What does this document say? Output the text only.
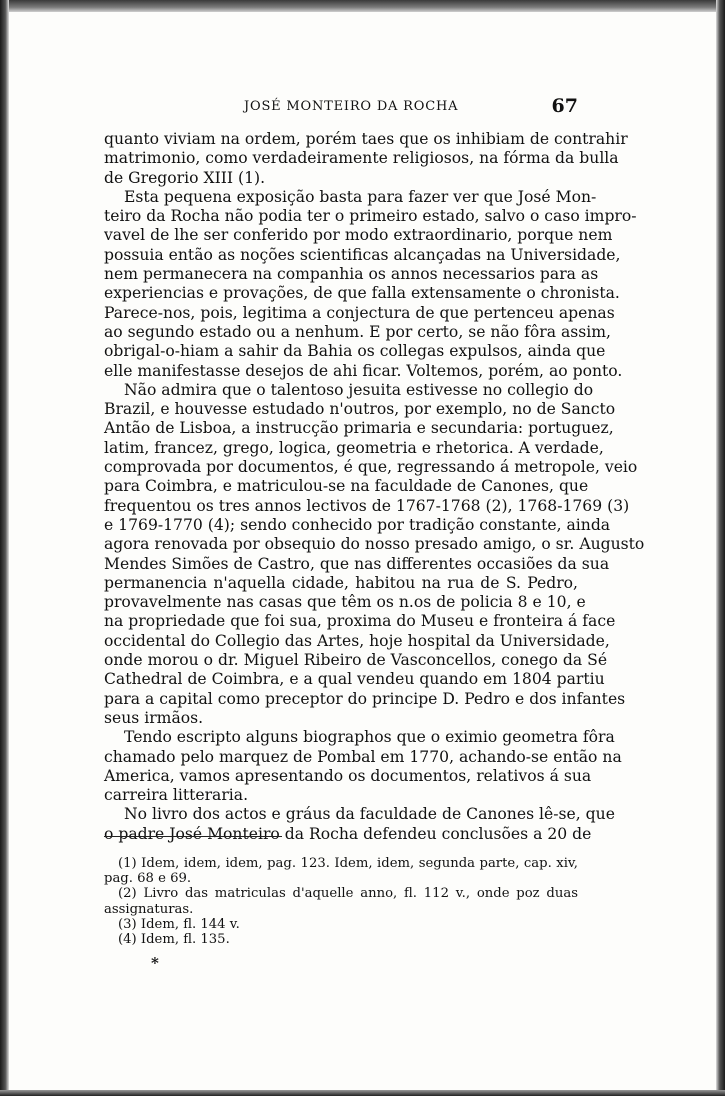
JOSÉ MONTEIRO DA ROCHA	67
quanto viviam na ordem, porém taes que os inhibiam de contrahir
matrimonio, como verdadeiramente religiosos, na fórma da bulla
de Gregorio XIII (1).
Esta pequena exposição basta para fazer ver que José Mon-
teiro da Rocha não podia ter o primeiro estado, salvo o caso impro-
vavel de lhe ser conferido por modo extraordinario, porque nem
possuia então as noções scientificas alcançadas na Universidade,
nem permanecera na companhia os annos necessarios para as
experiencias e provações, de que falla extensamente o chronista.
Parece-nos, pois, legitima a conjectura de que pertenceu apenas
ao segundo estado ou a nenhum. E por certo, se não fôra assim,
obrigal-o-hiam a sahir da Bahia os collegas expulsos, ainda que
elle manifestasse desejos de ahi ficar. Voltemos, porém, ao ponto.
Não admira que o talentoso jesuita estivesse no collegio do
Brazil, e houvesse estudado n'outros, por exemplo, no de Sancto
Antão de Lisboa, a instrucção primaria e secundaria: portuguez,
latim, francez, grego, logica, geometria e rhetorica. A verdade,
comprovada por documentos, é que, regressando á metropole, veio
para Coimbra, e matriculou-se na faculdade de Canones, que
frequentou os tres annos lectivos de 1767-1768 (2), 1768-1769 (3)
e 1769-1770 (4); sendo conhecido por tradição constante, ainda
agora renovada por obsequio do nosso presado amigo, o sr. Augusto
Mendes Simões de Castro, que nas differentes occasiões da sua
permanencia n'aquella cidade, habitou na rua de S. Pedro,
provavelmente nas casas que têm os n.os de policia 8 e 10, e
na propriedade que foi sua, proxima do Museu e fronteira á face
occidental do Collegio das Artes, hoje hospital da Universidade,
onde morou o dr. Miguel Ribeiro de Vasconcellos, conego da Sé
Cathedral de Coimbra, e a qual vendeu quando em 1804 partiu
para a capital como preceptor do principe D. Pedro e dos infantes
seus irmãos.
Tendo escripto alguns biographos que o eximio geometra fôra
chamado pelo marquez de Pombal em 1770, achando-se então na
America, vamos apresentando os documentos, relativos á sua
carreira litteraria.
No livro dos actos e gráus da faculdade de Canones lê-se, que
o padre José Monteiro da Rocha defendeu conclusões a 20 de
(1) Idem, idem, idem, pag. 123. Idem, idem, segunda parte, cap. xiv,
pag. 68 e 69.
(2) Livro das matriculas d'aquelle anno, fl. 112 v., onde poz duas
assignaturas.
(3) Idem, fl. 144 v.
(4) Idem, fl. 135.
*
